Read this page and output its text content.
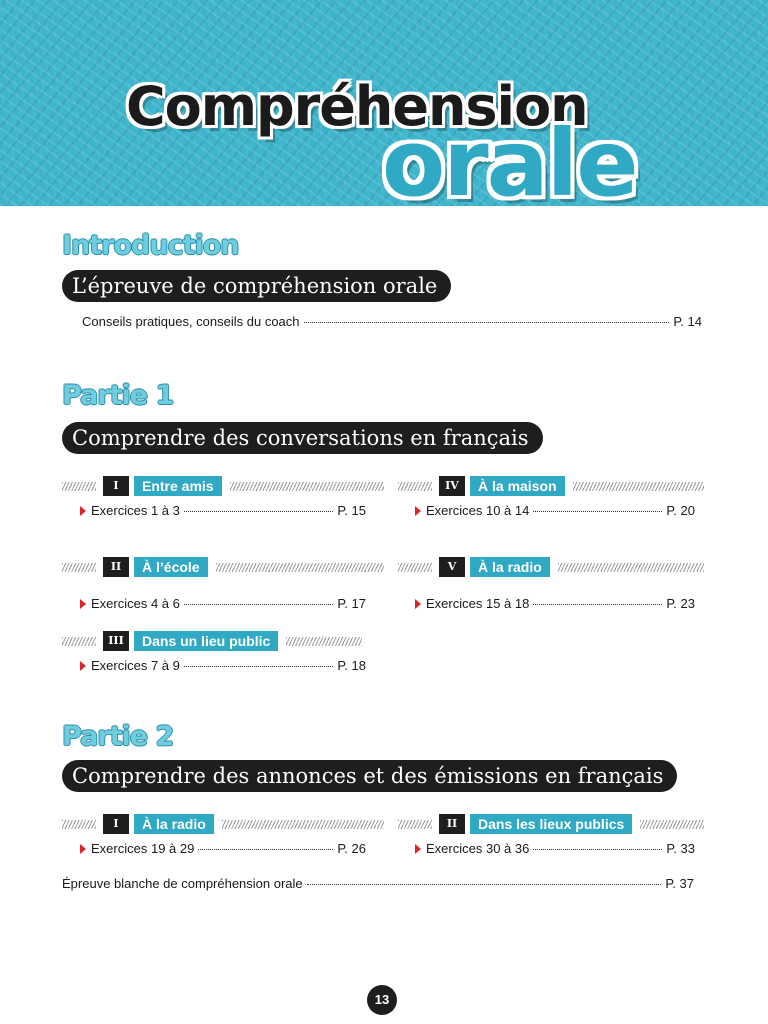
Compréhension
orale
Introduction
L’épreuve de compréhension orale
Conseils pratiques, conseils du coach	P. 14
Partie 1
Comprendre des conversations en français
I	Entre amis
Exercices 1 à 3	P. 15
II	À l’école
Exercices 4 à 6	P. 17
III	Dans un lieu public
Exercices 7 à 9	P. 18
IV	À la maison
Exercices 10 à 14	P. 20
V	À la radio
Exercices 15 à 18	P. 23
Partie 2
Comprendre des annonces et des émissions en français
I	À la radio
Exercices 19 à 29	P. 26
II	Dans les lieux publics
Exercices 30 à 36	P. 33
Épreuve blanche de compréhension orale	P. 37
13
